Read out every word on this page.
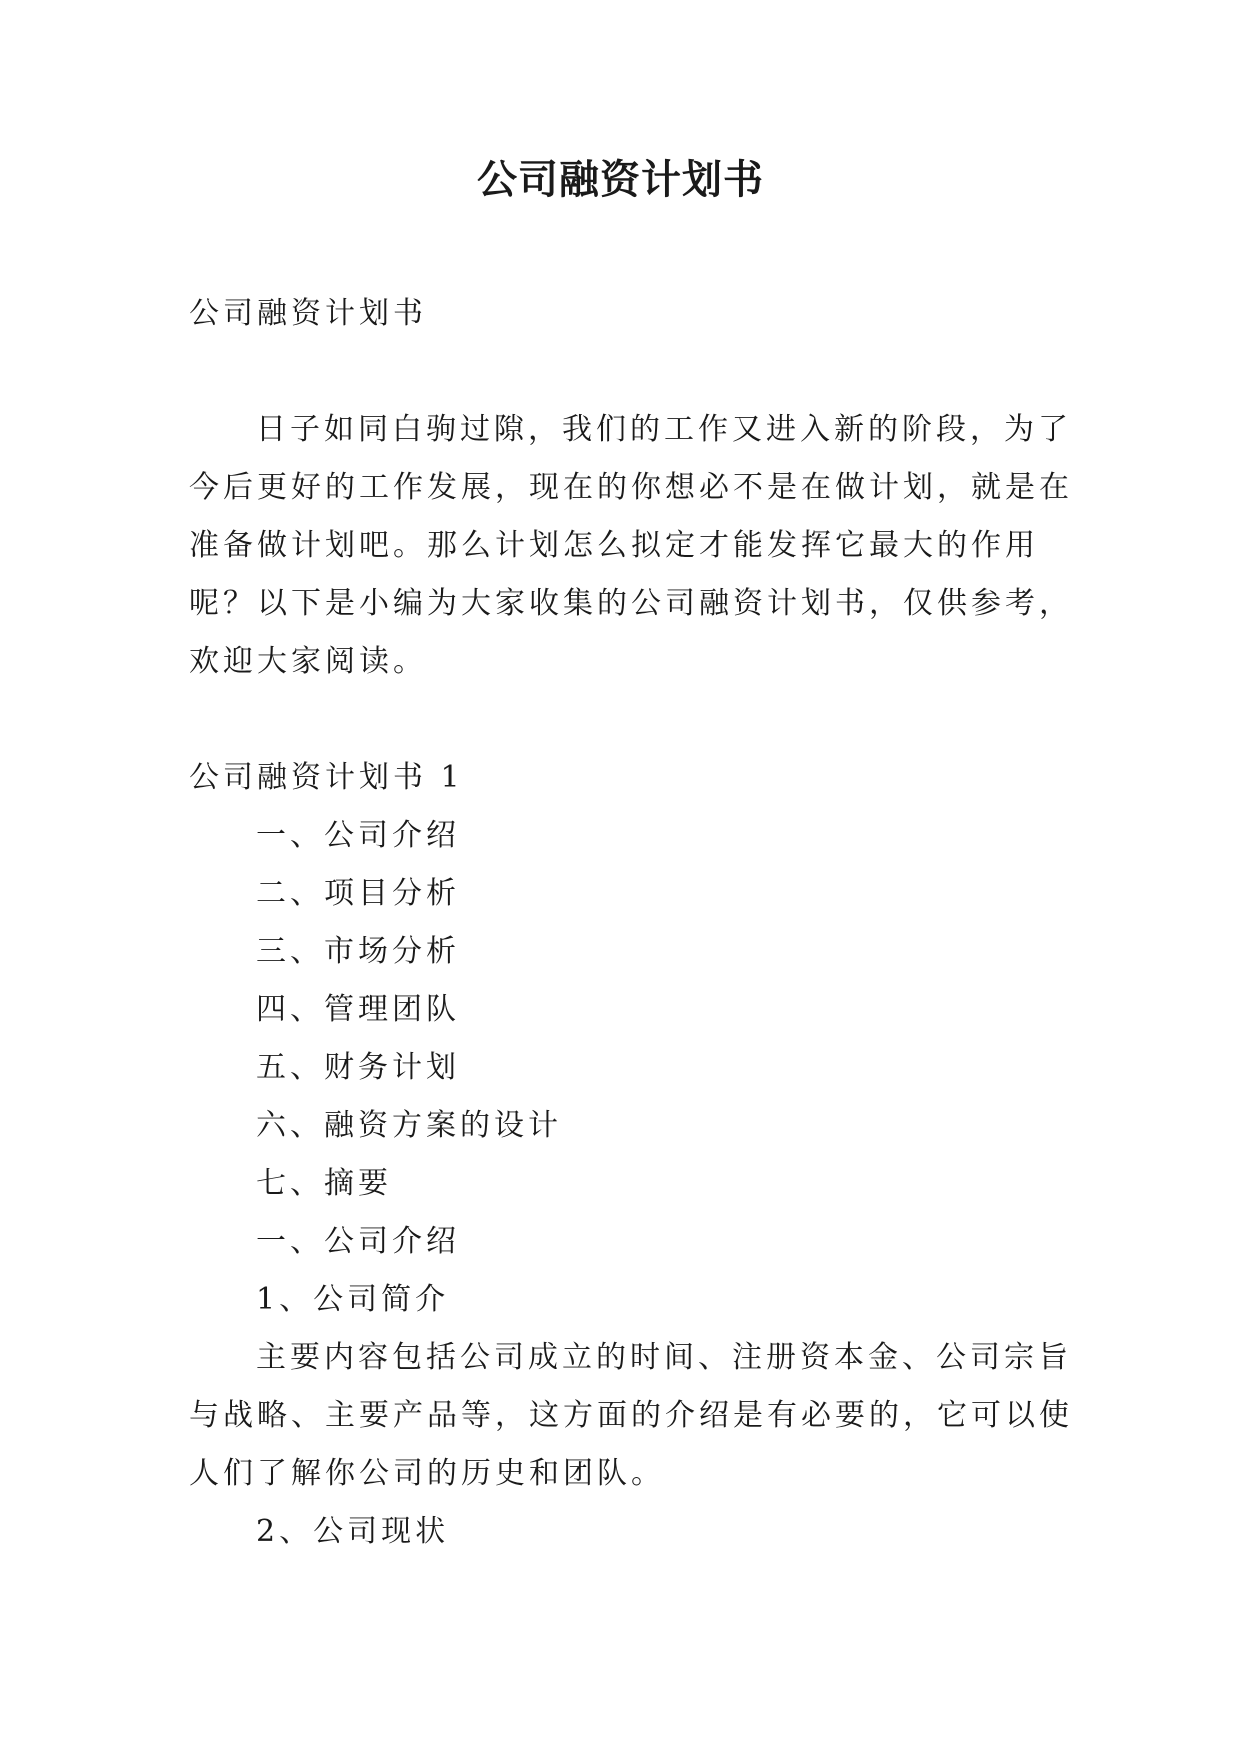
公司融资计划书

公司融资计划书

日子如同白驹过隙，我们的工作又进入新的阶段，为了

今后更好的工作发展，现在的你想必不是在做计划，就是在

准备做计划吧。那么计划怎么拟定才能发挥它最大的作用

呢？以下是小编为大家收集的公司融资计划书，仅供参考，

欢迎大家阅读。

公司融资计划书 1

一、公司介绍

二、项目分析

三、市场分析

四、管理团队

五、财务计划

六、融资方案的设计

七、摘要

一、公司介绍

1、公司简介

主要内容包括公司成立的时间、注册资本金、公司宗旨

与战略、主要产品等，这方面的介绍是有必要的，它可以使

人们了解你公司的历史和团队。

2、公司现状
